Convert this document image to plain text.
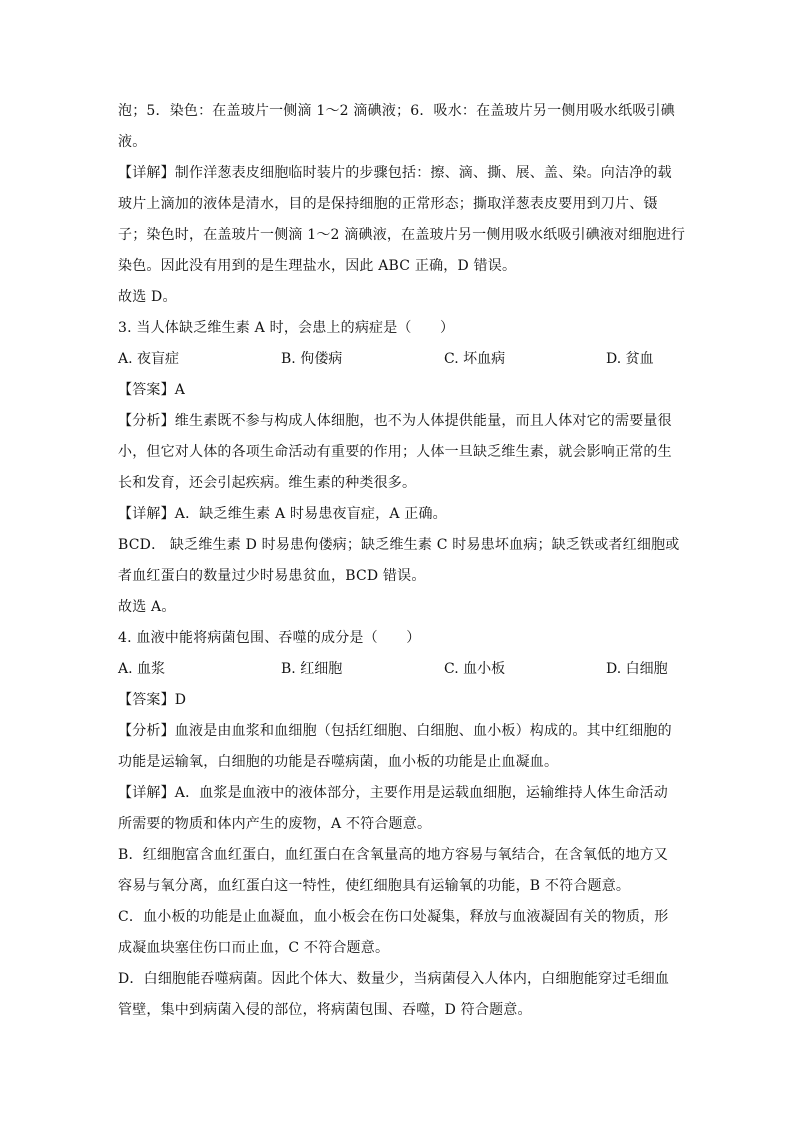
泡；5．染色：在盖玻片一侧滴 1～2 滴碘液；6．吸水：在盖玻片另一侧用吸水纸吸引碘
液。
【详解】制作洋葱表皮细胞临时装片的步骤包括：擦、滴、撕、展、盖、染。向洁净的载
玻片上滴加的液体是清水，目的是保持细胞的正常形态；撕取洋葱表皮要用到刀片、镊
子；染色时，在盖玻片一侧滴 1～2 滴碘液，在盖玻片另一侧用吸水纸吸引碘液对细胞进行
染色。因此没有用到的是生理盐水，因此 ABC 正确，D 错误。
故选 D。
3. 当人体缺乏维生素 A 时，会患上的病症是（　　）
A. 夜盲症	B. 佝偻病	C. 坏血病	D. 贫血
【答案】A
【分析】维生素既不参与构成人体细胞，也不为人体提供能量，而且人体对它的需要量很
小，但它对人体的各项生命活动有重要的作用；人体一旦缺乏维生素，就会影响正常的生
长和发育，还会引起疾病。维生素的种类很多。
【详解】A．缺乏维生素 A 时易患夜盲症，A 正确。
BCD． 缺乏维生素 D 时易患佝偻病；缺乏维生素 C 时易患坏血病；缺乏铁或者红细胞或
者血红蛋白的数量过少时易患贫血，BCD 错误。
故选 A。
4. 血液中能将病菌包围、吞噬的成分是（　　）
A. 血浆	B. 红细胞	C. 血小板	D. 白细胞
【答案】D
【分析】血液是由血浆和血细胞（包括红细胞、白细胞、血小板）构成的。其中红细胞的
功能是运输氧，白细胞的功能是吞噬病菌，血小板的功能是止血凝血。
【详解】A．血浆是血液中的液体部分，主要作用是运载血细胞，运输维持人体生命活动
所需要的物质和体内产生的废物，A 不符合题意。
B．红细胞富含血红蛋白，血红蛋白在含氧量高的地方容易与氧结合，在含氧低的地方又
容易与氧分离，血红蛋白这一特性，使红细胞具有运输氧的功能，B 不符合题意。
C．血小板的功能是止血凝血，血小板会在伤口处凝集，释放与血液凝固有关的物质，形
成凝血块塞住伤口而止血，C 不符合题意。
D．白细胞能吞噬病菌。因此个体大、数量少，当病菌侵入人体内，白细胞能穿过毛细血
管壁，集中到病菌入侵的部位，将病菌包围、吞噬，D 符合题意。
